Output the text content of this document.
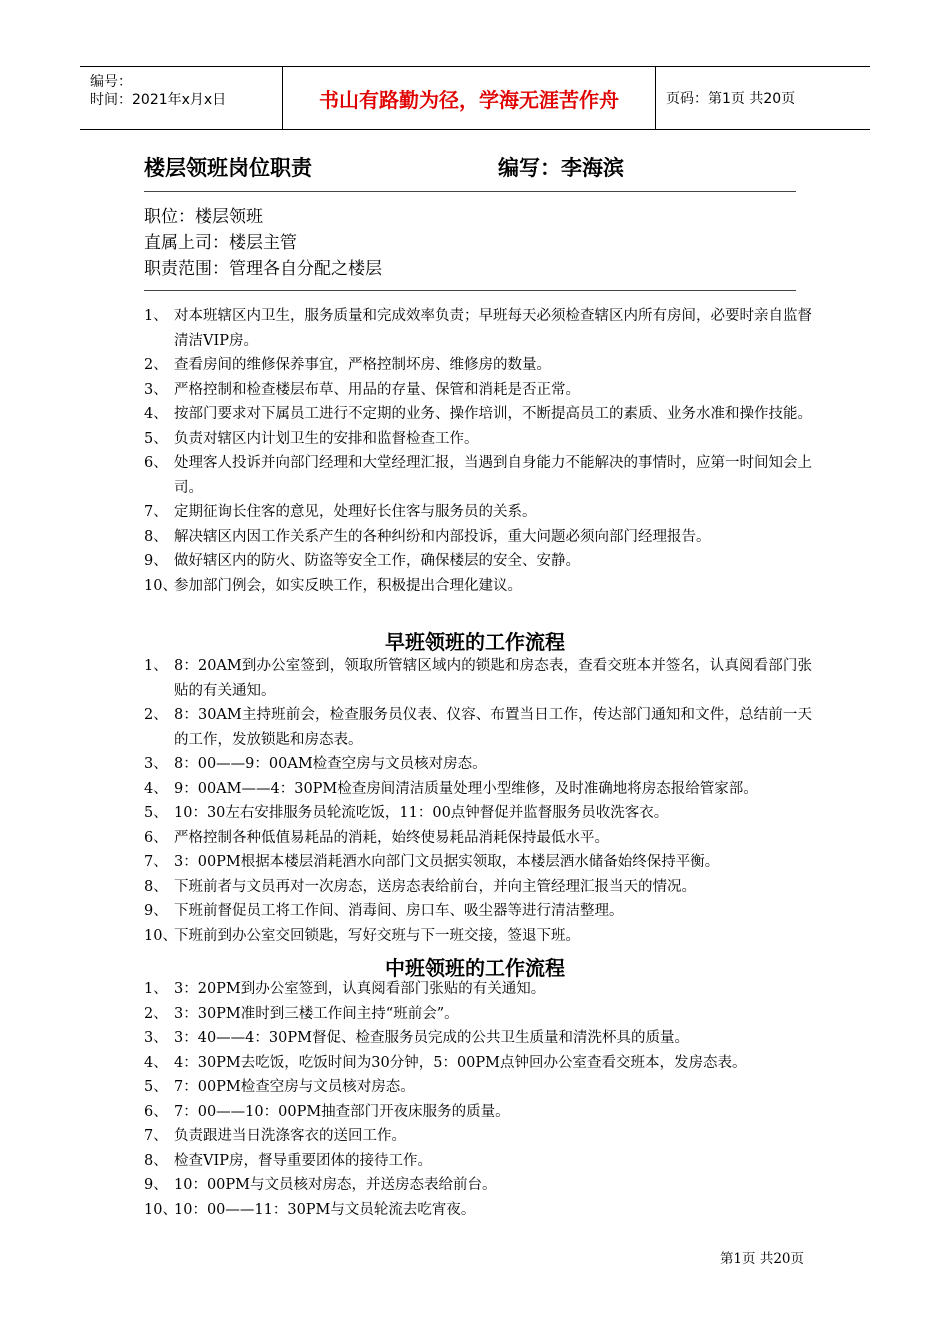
编号：
时间：2021年x月x日	书山有路勤为径，学海无涯苦作舟	页码：第1页 共20页
楼层领班岗位职责	编写：李海滨
职位：楼层领班
直属上司：楼层主管
职责范围：管理各自分配之楼层
1、 对本班辖区内卫生，服务质量和完成效率负责；早班每天必须检查辖区内所有房间，必要时亲自监督清洁VIP房。
2、 查看房间的维修保养事宜，严格控制坏房、维修房的数量。
3、 严格控制和检查楼层布草、用品的存量、保管和消耗是否正常。
4、 按部门要求对下属员工进行不定期的业务、操作培训，不断提高员工的素质、业务水准和操作技能。
5、 负责对辖区内计划卫生的安排和监督检查工作。
6、 处理客人投诉并向部门经理和大堂经理汇报，当遇到自身能力不能解决的事情时，应第一时间知会上司。
7、 定期征询长住客的意见，处理好长住客与服务员的关系。
8、 解决辖区内因工作关系产生的各种纠纷和内部投诉，重大问题必须向部门经理报告。
9、 做好辖区内的防火、防盗等安全工作，确保楼层的安全、安静。
10、
参加部门例会，如实反映工作，积极提出合理化建议。
早班领班的工作流程
1、 8：20AM到办公室签到，领取所管辖区域内的锁匙和房态表，查看交班本并签名，认真阅看部门张贴的有关通知。
2、 8：30AM主持班前会，检查服务员仪表、仪容、布置当日工作，传达部门通知和文件，总结前一天的工作，发放锁匙和房态表。
3、 8：00——9：00AM检查空房与文员核对房态。
4、 9：00AM——4：30PM检查房间清洁质量处理小型维修，及时准确地将房态报给管家部。
5、 10：30左右安排服务员轮流吃饭，11：00点钟督促并监督服务员收洗客衣。
6、 严格控制各种低值易耗品的消耗，始终使易耗品消耗保持最低水平。
7、 3：00PM根据本楼层消耗酒水向部门文员据实领取，本楼层酒水储备始终保持平衡。
8、 下班前者与文员再对一次房态，送房态表给前台，并向主管经理汇报当天的情况。
9、 下班前督促员工将工作间、消毒间、房口车、吸尘器等进行清洁整理。
10、
下班前到办公室交回锁匙，写好交班与下一班交接，签退下班。
中班领班的工作流程
1、 3：20PM到办公室签到，认真阅看部门张贴的有关通知。
2、 3：30PM准时到三楼工作间主持“班前会”。
3、 3：40——4：30PM督促、检查服务员完成的公共卫生质量和清洗杯具的质量。
4、 4：30PM去吃饭，吃饭时间为30分钟，5：00PM点钟回办公室查看交班本，发房态表。
5、 7：00PM检查空房与文员核对房态。
6、 7：00——10：00PM抽查部门开夜床服务的质量。
7、 负责跟进当日洗涤客衣的送回工作。
8、 检查VIP房，督导重要团体的接待工作。
9、 10：00PM与文员核对房态，并送房态表给前台。
10、
10：00——11：30PM与文员轮流去吃宵夜。
第1页 共20页
